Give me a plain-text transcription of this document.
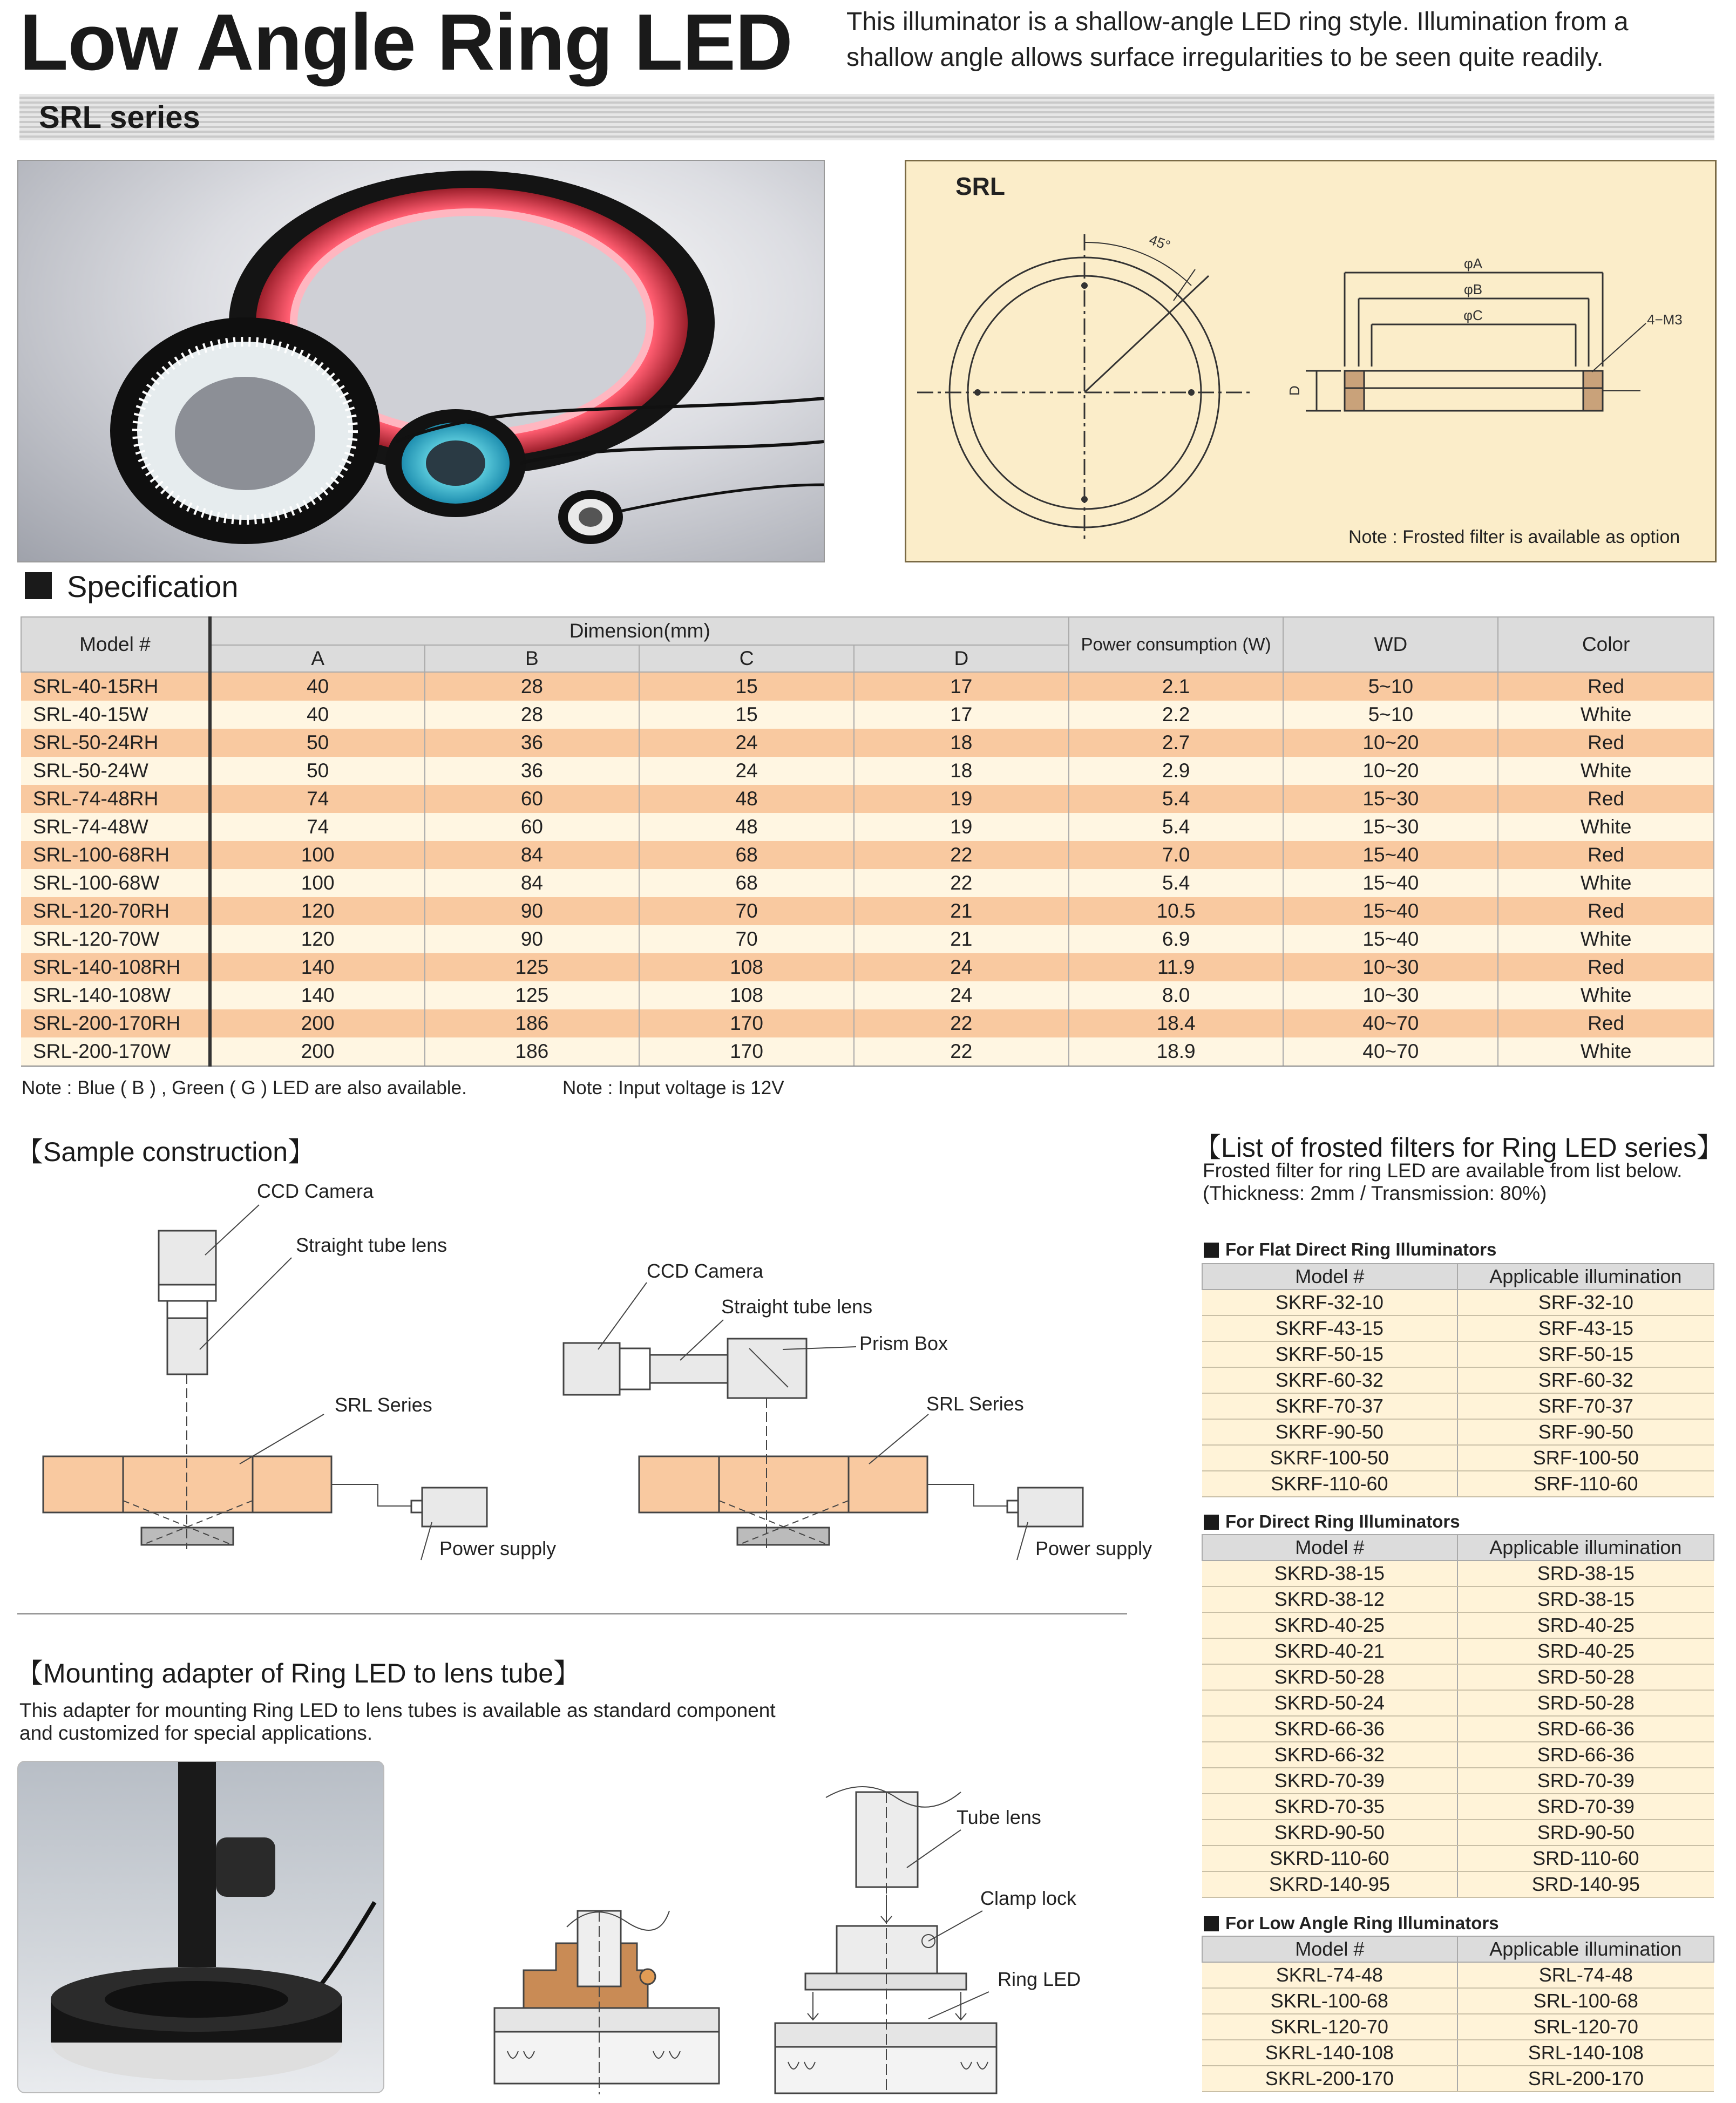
Low Angle Ring LED This illuminator is a shallow-angle LED ring style. Illumination from a shallow angle allows surface irregularities to be seen quite readily.
SRL series
45°
φA
φB
φC
D
4−M3
SRL
Note : Frosted filter is available as option
Specification
Model #	Dimension(mm)				Power consumption (W)	WD	Color
	A	B	C	D			
SRL-40-15RH	40	28	15	17	2.1	5~10	Red
SRL-40-15W	40	28	15	17	2.2	5~10	White
SRL-50-24RH	50	36	24	18	2.7	10~20	Red
SRL-50-24W	50	36	24	18	2.9	10~20	White
SRL-74-48RH	74	60	48	19	5.4	15~30	Red
SRL-74-48W	74	60	48	19	5.4	15~30	White
SRL-100-68RH	100	84	68	22	7.0	15~40	Red
SRL-100-68W	100	84	68	22	5.4	15~40	White
SRL-120-70RH	120	90	70	21	10.5	15~40	Red
SRL-120-70W	120	90	70	21	6.9	15~40	White
SRL-140-108RH	140	125	108	24	11.9	10~30	Red
SRL-140-108W	140	125	108	24	8.0	10~30	White
SRL-200-170RH	200	186	170	22	18.4	40~70	Red
SRL-200-170W	200	186	170	22	18.9	40~70	White
Note : Blue ( B ) , Green ( G ) LED are also available.	Note : Input voltage is 12V
【Sample construction】
CCD Camera
Straight tube lens
SRL Series
Power supply
CCD Camera
Straight tube lens
Prism Box
SRL Series
Power supply
【Mounting adapter of Ring LED to lens tube】
This adapter for mounting Ring LED to lens tubes is available as standard component and customized for special applications.
Tube lens
Clamp lock
Ring LED
【List of frosted filters for Ring LED series】
Frosted filter for ring LED are available from list below.
(Thickness: 2mm / Transmission: 80%)
For Flat Direct Ring Illuminators
Model #	Applicable illumination
SKRF-32-10	SRF-32-10
SKRF-43-15	SRF-43-15
SKRF-50-15	SRF-50-15
SKRF-60-32	SRF-60-32
SKRF-70-37	SRF-70-37
SKRF-90-50	SRF-90-50
SKRF-100-50	SRF-100-50
SKRF-110-60	SRF-110-60
For Direct Ring Illuminators
Model #	Applicable illumination
SKRD-38-15	SRD-38-15
SKRD-38-12	SRD-38-15
SKRD-40-25	SRD-40-25
SKRD-40-21	SRD-40-25
SKRD-50-28	SRD-50-28
SKRD-50-24	SRD-50-28
SKRD-66-36	SRD-66-36
SKRD-66-32	SRD-66-36
SKRD-70-39	SRD-70-39
SKRD-70-35	SRD-70-39
SKRD-90-50	SRD-90-50
SKRD-110-60	SRD-110-60
SKRD-140-95	SRD-140-95
For Low Angle Ring Illuminators
Model #	Applicable illumination
SKRL-74-48	SRL-74-48
SKRL-100-68	SRL-100-68
SKRL-120-70	SRL-120-70
SKRL-140-108	SRL-140-108
SKRL-200-170	SRL-200-170
